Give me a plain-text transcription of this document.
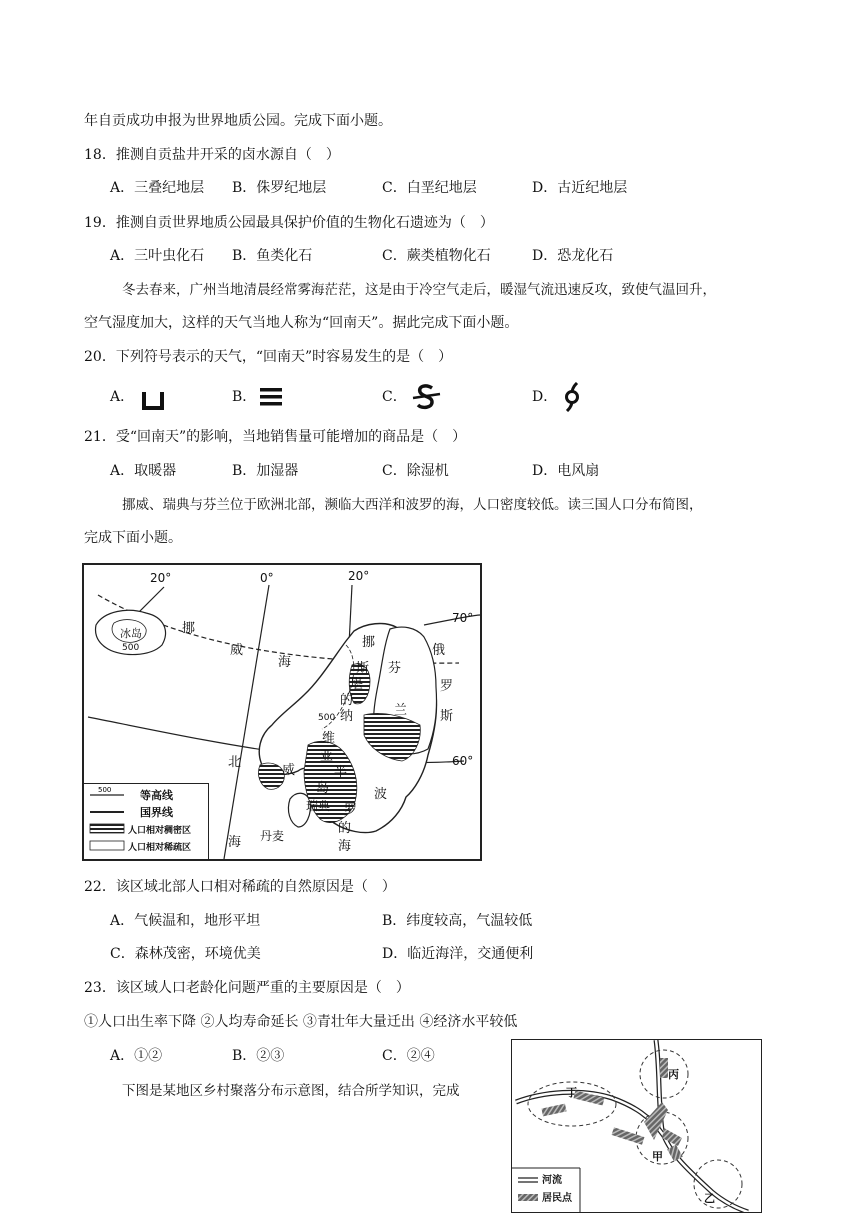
年自贡成功申报为世界地质公园。完成下面小题。
18．推测自贡盐井开采的卤水源自（　）
A．三叠纪地层 B．侏罗纪地层	C．白垩纪地层	D．古近纪地层
19．推测自贡世界地质公园最具保护价值的生物化石遗迹为（　）
A．三叶虫化石 B．鱼类化石	C．蕨类植物化石	D．恐龙化石
冬去春来，广州当地清晨经常雾海茫茫，这是由于冷空气走后，暖湿气流迅速反攻，致使气温回升，
空气湿度加大，这样的天气当地人称为“回南天”。据此完成下面小题。
20．下列符号表示的天气，“回南天”时容易发生的是（　）
A．	B．	C．	D．
21．受“回南天”的影响，当地销售量可能增加的商品是（　）
A．取暖器	B．加湿器	C．除湿机	D．电风扇
挪威、瑞典与芬兰位于欧洲北部，濒临大西洋和波罗的海，人口密度较低。读三国人口分布简图，
完成下面小题。
20°	0°	20°
70°
60°
冰岛
500
挪
威
海
挪
芬
兰
俄
罗
斯
斯
堪
的
纳
500
维
亚
半
岛
威
北
海
瑞典
丹麦
波
罗
的
海
500	等高线
国界线
人口相对稠密区
人口相对稀疏区
22．该区域北部人口相对稀疏的自然原因是（　）
A．气候温和，地形平坦	B．纬度较高，气温较低
C．森林茂密，环境优美	D．临近海洋，交通便利
23．该区域人口老龄化问题严重的主要原因是（　）
①人口出生率下降 ②人均寿命延长 ③青壮年大量迁出 ④经济水平较低
A．①②	B．②③	C．②④
下图是某地区乡村聚落分布示意图，结合所学知识，完成
丙
丁
甲
乙
河流
居民点
